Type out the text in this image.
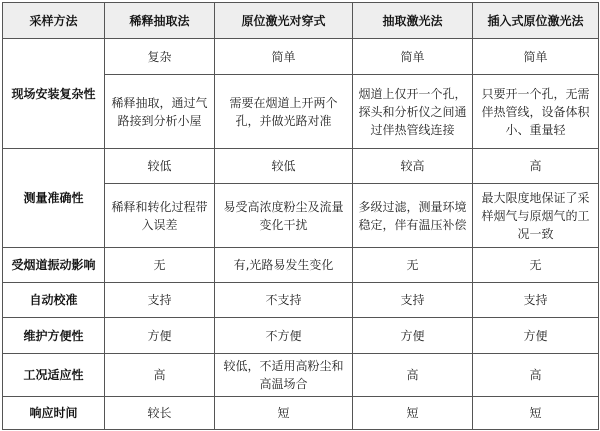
采样方法	稀释抽取法	原位激光对穿式	抽取激光法	插入式原位激光法
现场安装复杂性	复杂	简单	简单	简单
	稀释抽取，通过气路接到分析小屋	需要在烟道上开两个孔，并做光路对准	烟道上仅开一个孔，探头和分析仪之间通过伴热管线连接	只要开一个孔，无需伴热管线，设备体积小、重量轻
测量准确性	较低	较低	较高	高
	稀释和转化过程带入误差	易受高浓度粉尘及流量变化干扰	多级过滤，测量环境稳定，伴有温压补偿	最大限度地保证了采样烟气与原烟气的工况一致
受烟道振动影响	无	有,光路易发生变化	无	无
自动校准	支持	不支持	支持	支持
维护方便性	方便	不方便	方便	方便
工况适应性	高	较低，不适用高粉尘和高温场合	高	高
响应时间	较长	短	短	短
